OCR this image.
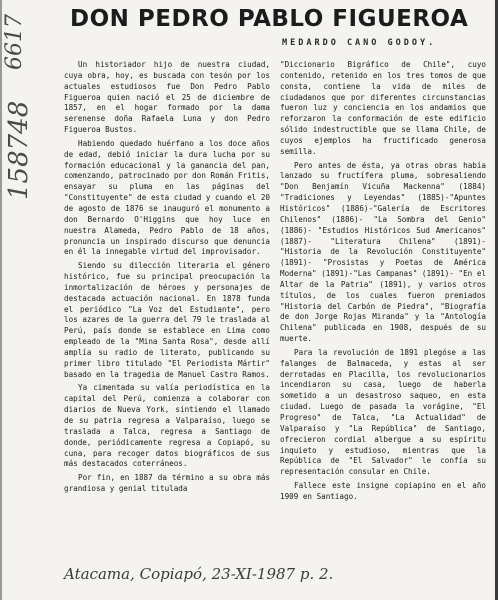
DON PEDRO PABLO FIGUEROA
MEDARDO CANO GODOY.

Un historiador hijo de nuestra ciudad, cuya obra, hoy, es buscada con tesón por los actuales estudiosos fue Don Pedro Pablo Figueroa quien nació el 25 de diciembre de 1857, en el hogar formado por la dama serenense doña Rafaela Luna y don Pedro Figueroa Bustos.

Habiendo quedado huérfano a los doce años de edad, debió iniciar la dura lucha por su formación educacional y la ganancia del pan, comenzando, patrocinado por don Román Fritis, ensayar su pluma en las páginas del "Constituyente" de esta ciudad y cuando el 20 de agosto de 1876 se inauguró el monumento a don Bernardo O'Higgins que hoy luce en nuestra Alameda, Pedro Pablo de 18 años, pronuncia un inspirado discurso que denuncia en él la innegable virtud del improvisador.

Siendo su dilección literaria el género histórico, fue su principal preocupación la inmortalización de héroes y personajes de destacada actuación nacional. En 1878 funda el periódico "La Voz del Estudiante", pero los azares de la guerra del 79 le traslada al Perú, país donde se establece en Lima como empleado de la "Mina Santa Rosa", desde allí amplía su radio de literato, publicando su primer libro titulado "El Periodista Mártir" basado en la tragedia de Manuel Castro Ramos.

Ya cimentada su valía periodística en la capital del Perú, comienza a colaborar con diarios de Nueva York, sintiendo el llamado de su patria regresa a Valparaíso, luego se traslada a Talca, regresa a Santiago de donde, periódicamente regresa a Copiapó, su cuna, para recoger datos biográficos de sus más destacados coterráneos.

Por fin, en 1887 da término a su obra más grandiosa y genial titulada

"Diccionario Bigráfico de Chile", cuyo contenido, retenido en los tres tomos de que consta, contiene la vida de miles de ciudadanos que por diferentes circunstancias fueron luz y conciencia en los andamios que reforzaron la conformación de este edificio sólido indestructible que se llama Chile, de cuyos ejemplos ha fructificado generosa semilla.

Pero antes de ésta, ya otras obras había lanzado su fructífera pluma, sobresaliendo "Don Benjamín Vicuña Mackenna" (1884) "Tradiciones y Leyendas" (1885)-"Apuntes Históricos" (1886)-"Galería de Escritores Chilenos" (1886)- "La Sombra del Genio" (1886)- "Estudios Históricos Sud Americanos" (1887)- "Literatura Chilena" (1891)- "Historia de la Revolución Constituyente" (1891)- "Prosistas y Poetas de América Moderna" (1891)-"Las Campanas" (1891)- "En el Altar de la Patria" (1891), y varios otros títulos, de los cuales fueron premiados "Historia del Carbón de Piedra", "Biografía de don Jorge Rojas Miranda" y la "Antología Chilena" publicada en 1908, después de su muerte.

Para la revolución de 1891 plegóse a las falanges de Balmaceda, y estas al ser derrotadas en Placilla, los revolucionarios incendiaron su casa, luego de haberla sometido a un desastroso saqueo, en esta ciudad. Luego de pasada la vorágine, "El Progreso" de Talca, "La Actualidad" de Valparaíso y "La República" de Santiago, ofrecieron cordial albergue a su espíritu inquieto y estudioso, mientras que la República de "El Salvador" le confía su representación consular en Chile.

Fallece este insigne copiapino en el año 1909 en Santiago.

6617
158748
Atacama, Copiapó, 23-XI-1987 p. 2.
